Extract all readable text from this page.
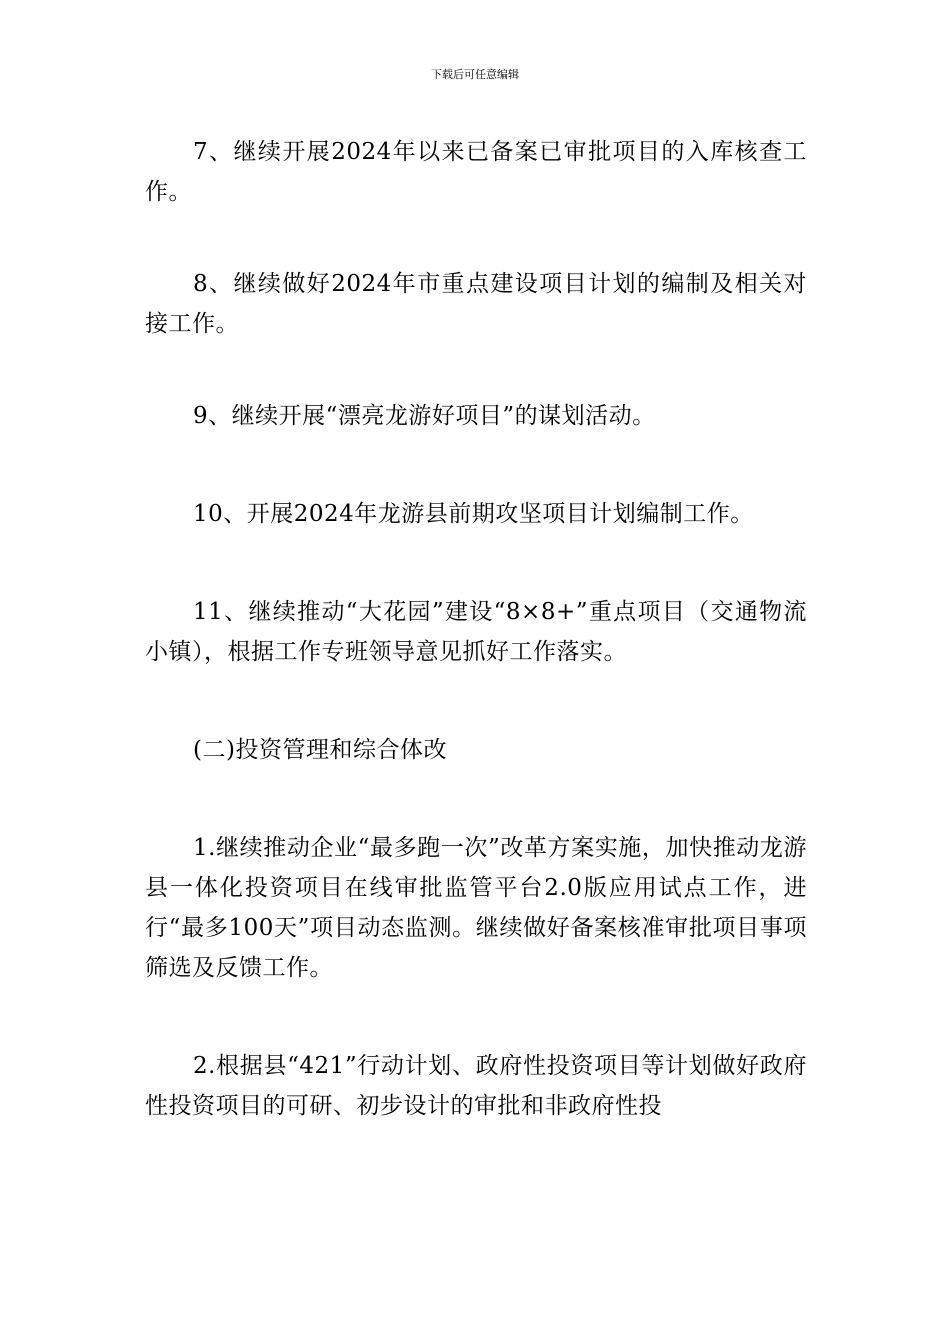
下载后可任意编辑

7、继续开展2024年以来已备案已审批项目的入库核查工作。

8、继续做好2024年市重点建设项目计划的编制及相关对接工作。

9、继续开展“漂亮龙游好项目”的谋划活动。

10、开展2024年龙游县前期攻坚项目计划编制工作。

11、继续推动“大花园”建设“8×8+”重点项目（交通物流小镇），根据工作专班领导意见抓好工作落实。

(二)投资管理和综合体改

1.继续推动企业“最多跑一次”改革方案实施，加快推动龙游县一体化投资项目在线审批监管平台2.0版应用试点工作，进行“最多100天”项目动态监测。继续做好备案核准审批项目事项筛选及反馈工作。

2.根据县“421”行动计划、政府性投资项目等计划做好政府性投资项目的可研、初步设计的审批和非政府性投
